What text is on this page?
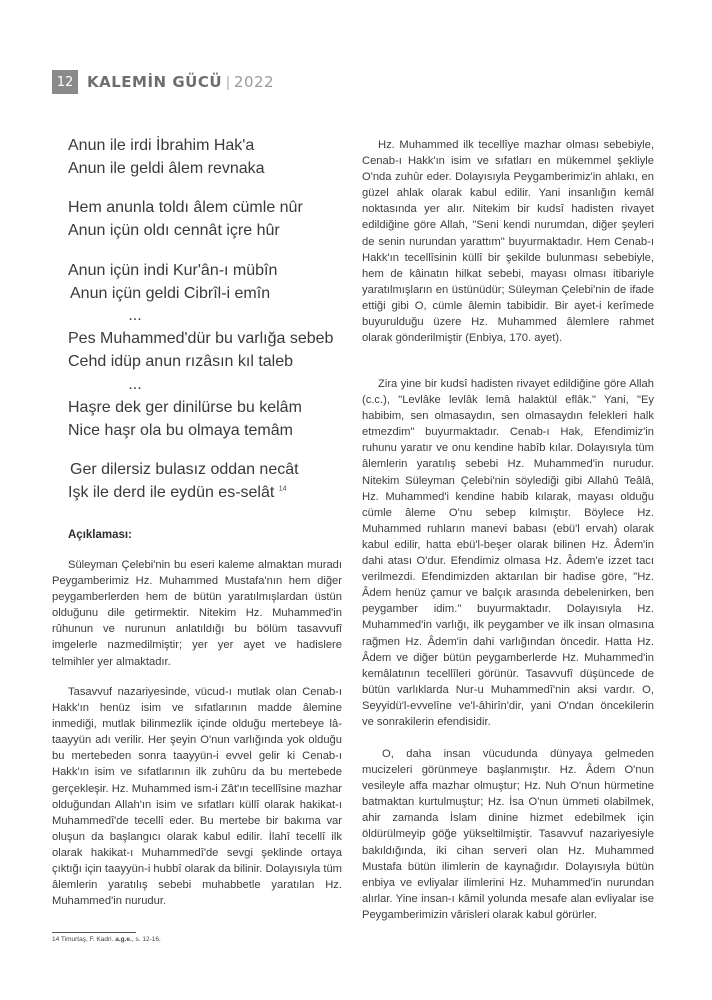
12 KALEMİN GÜCÜ | 2022
Anun ile irdi İbrahim Hak'a
Anun ile geldi âlem revnaka
Hem anunla toldı âlem cümle nûr
Anun içün oldı cennât içre hûr
Anun içün indi Kur'ân-ı mübîn
Anun içün geldi Cibrîl-i emîn
...
Pes Muhammed'dür bu varlığa sebeb
Cehd idüp anun rızâsın kıl taleb
...
Haşre dek ger dinilürse bu kelâm
Nice haşr ola bu olmaya temâm
Ger dilersiz bulasız oddan necât
Işk ile derd ile eydün es-selât $^{14}$
Açıklaması:

Süleyman Çelebi'nin bu eseri kaleme almaktan muradı Peygamberimiz Hz. Muhammed Mustafa'nın hem diğer peygamberlerden hem de bütün yaratılmışlardan üstün olduğunu dile getirmektir. Nitekim Hz. Muhammed'in rûhunun ve nurunun anlatıldığı bu bölüm tasavvufî imgelerle nazmedilmiştir; yer yer ayet ve hadislere telmihler yer almaktadır.

Tasavvuf nazariyesinde, vücud-ı mutlak olan Cenab-ı Hakk'ın henüz isim ve sıfatlarının madde âlemine inmediği, mutlak bilinmezlik içinde olduğu mertebeye lâ-taayyün adı verilir. Her şeyin O'nun varlığında yok olduğu bu mertebeden sonra taayyün-i evvel gelir ki Cenab-ı Hakk'ın isim ve sıfatlarının ilk zuhûru da bu mertebede gerçekleşir. Hz. Muhammed ism-i Zât'ın tecellîsine mazhar olduğundan Allah'ın isim ve sıfatları küllî olarak hakikat-ı Muhammedî'de tecellî eder. Bu mertebe bir bakıma var oluşun da başlangıcı olarak kabul edilir. İlahî tecellî ilk olarak hakikat-ı Muhammedî'de sevgi şeklinde ortaya çıktığı için taayyün-i hubbî olarak da bilinir. Dolayısıyla tüm âlemlerin yaratılış sebebi muhabbetle yaratılan Hz. Muhammed'in nurudur.

Hz. Muhammed ilk tecellîye mazhar olması sebebiyle, Cenab-ı Hakk'ın isim ve sıfatları en mükemmel şekliyle O'nda zuhûr eder. Dolayısıyla Peygamberimiz'in ahlakı, en güzel ahlak olarak kabul edilir. Yani insanlığın kemâl noktasında yer alır. Nitekim bir kudsî hadisten rivayet edildiğine göre Allah, "Seni kendi nurumdan, diğer şeyleri de senin nurundan yarattım" buyurmaktadır. Hem Cenab-ı Hakk'ın tecellîsinin küllî bir şekilde bulunması sebebiyle, hem de kâinatın hilkat sebebi, mayası olması itibariyle yaratılmışların en üstünüdür; Süleyman Çelebi'nin de ifade ettiği gibi O, cümle âlemin tabibidir. Bir ayet-i kerîmede buyurulduğu üzere Hz. Muhammed âlemlere rahmet olarak gönderilmiştir (Enbiya, 170. ayet).

Zira yine bir kudsî hadisten rivayet edildiğine göre Allah (c.c.), "Levlâke levlâk lemâ halaktül eflâk." Yani, "Ey habibim, sen olmasaydın, sen olmasaydın felekleri halk etmezdim" buyurmaktadır. Cenab-ı Hak, Efendimiz'in ruhunu yaratır ve onu kendine habîb kılar. Dolayısıyla tüm âlemlerin yaratılış sebebi Hz. Muhammed'in nurudur. Nitekim Süleyman Çelebi'nin söylediği gibi Allahû Teâlâ, Hz. Muhammed'i kendine habib kılarak, mayası olduğu cümle âleme O'nu sebep kılmıştır. Böylece Hz. Muhammed ruhların manevi babası (ebü'l ervah) olarak kabul edilir, hatta ebü'l-beşer olarak bilinen Hz. Âdem'in dahi atası O'dur. Efendimiz olmasa Hz. Âdem'e izzet tacı verilmezdi. Efendimizden aktarılan bir hadise göre, "Hz. Âdem henüz çamur ve balçık arasında debelenirken, ben peygamber idim." buyurmaktadır. Dolayısıyla Hz. Muhammed'in varlığı, ilk peygamber ve ilk insan olmasına rağmen Hz. Âdem'in dahi varlığından öncedir. Hatta Hz. Âdem ve diğer bütün peygamberlerde Hz. Muhammed'in kemâlatının tecellîleri görünür. Tasavvufî düşüncede de bütün varlıklarda Nur-u Muhammedî'nin aksi vardır. O, Seyyidü'l-evvelîne ve'l-âhirîn'dir, yani O'ndan öncekilerin ve sonrakilerin efendisidir.

O, daha insan vücudunda dünyaya gelmeden mucizeleri görünmeye başlanmıştır. Hz. Âdem O'nun vesileyle affa mazhar olmuştur; Hz. Nuh O'nun hürmetine batmaktan kurtulmuştur; Hz. İsa O'nun ümmeti olabilmek, ahir zamanda İslam dinine hizmet edebilmek için öldürülmeyip göğe yükseltilmiştir. Tasavvuf nazariyesiyle bakıldığında, iki cihan serveri olan Hz. Muhammed Mustafa bütün ilimlerin de kaynağıdır. Dolayısıyla bütün enbiya ve evliyalar ilimlerini Hz. Muhammed'in nurundan alırlar. Yine insan-ı kâmil yolunda mesafe alan evliyalar ise Peygamberimizin vârisleri olarak kabul görürler.

14 Timurtaş, F. Kadri. a.g.e., s. 12-16.
